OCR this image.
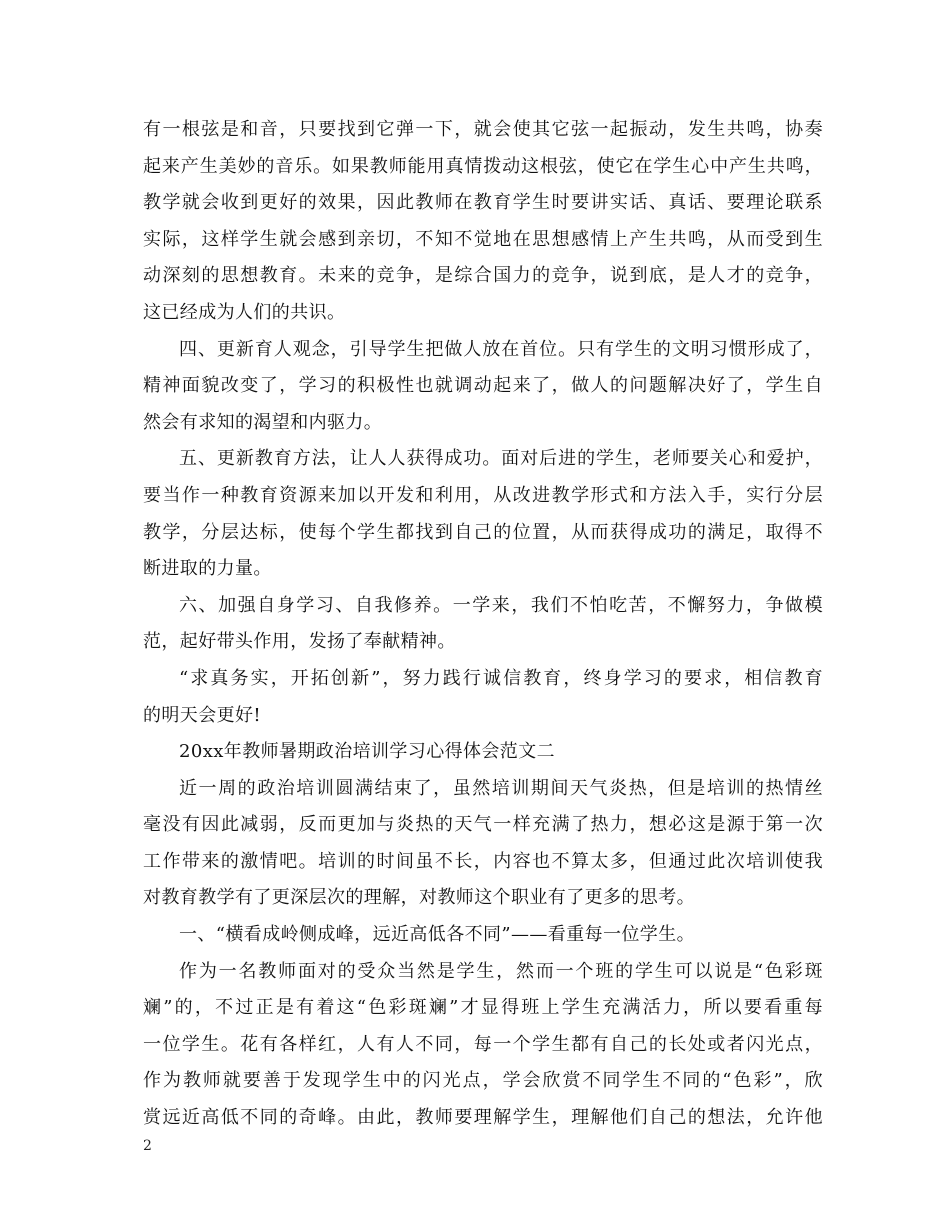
有一根弦是和音，只要找到它弹一下，就会使其它弦一起振动，发生共鸣，协奏
起来产生美妙的音乐。如果教师能用真情拨动这根弦，使它在学生心中产生共鸣，
教学就会收到更好的效果，因此教师在教育学生时要讲实话、真话、要理论联系
实际，这样学生就会感到亲切，不知不觉地在思想感情上产生共鸣，从而受到生
动深刻的思想教育。未来的竞争，是综合国力的竞争，说到底，是人才的竞争，
这已经成为人们的共识。
四、更新育人观念，引导学生把做人放在首位。只有学生的文明习惯形成了，
精神面貌改变了，学习的积极性也就调动起来了，做人的问题解决好了，学生自
然会有求知的渴望和内驱力。
五、更新教育方法，让人人获得成功。面对后进的学生，老师要关心和爱护，
要当作一种教育资源来加以开发和利用，从改进教学形式和方法入手，实行分层
教学，分层达标，使每个学生都找到自己的位置，从而获得成功的满足，取得不
断进取的力量。
六、加强自身学习、自我修养。一学来，我们不怕吃苦，不懈努力，争做模
范，起好带头作用，发扬了奉献精神。
“求真务实，开拓创新”，努力践行诚信教育，终身学习的要求，相信教育
的明天会更好!
20xx年教师暑期政治培训学习心得体会范文二
近一周的政治培训圆满结束了，虽然培训期间天气炎热，但是培训的热情丝
毫没有因此减弱，反而更加与炎热的天气一样充满了热力，想必这是源于第一次
工作带来的激情吧。培训的时间虽不长，内容也不算太多，但通过此次培训使我
对教育教学有了更深层次的理解，对教师这个职业有了更多的思考。
一、“横看成岭侧成峰，远近高低各不同”——看重每一位学生。
作为一名教师面对的受众当然是学生，然而一个班的学生可以说是“色彩斑
斓”的，不过正是有着这“色彩斑斓”才显得班上学生充满活力，所以要看重每
一位学生。花有各样红，人有人不同，每一个学生都有自己的长处或者闪光点，
作为教师就要善于发现学生中的闪光点，学会欣赏不同学生不同的“色彩”，欣
赏远近高低不同的奇峰。由此，教师要理解学生，理解他们自己的想法，允许他
2
